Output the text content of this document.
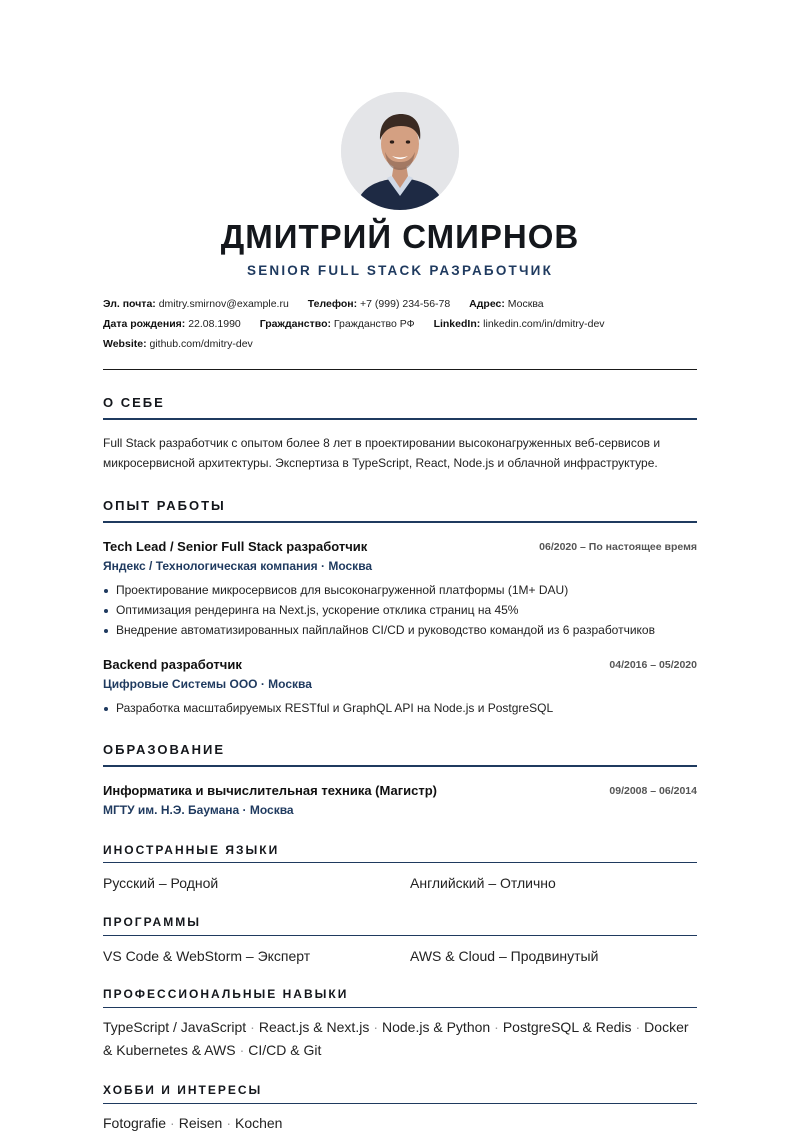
ДМИТРИЙ СМИРНОВ
SENIOR FULL STACK РАЗРАБОТЧИК
Эл. почта: dmitry.smirnov@example.ru Телефон: +7 (999) 234-56-78 Адрес: Москва
Дата рождения: 22.08.1990 Гражданство: Гражданство РФ LinkedIn: linkedin.com/in/dmitry-dev
Website: github.com/dmitry-dev
О СЕБЕ
Full Stack разработчик с опытом более 8 лет в проектировании высоконагруженных веб-сервисов и микросервисной архитектуры. Экспертиза в TypeScript, React, Node.js и облачной инфраструктуре.
ОПЫТ РАБОТЫ
Tech Lead / Senior Full Stack разработчик	06/2020 – По настоящее время
Яндекс / Технологическая компания · Москва
Проектирование микросервисов для высоконагруженной платформы (1M+ DAU)
Оптимизация рендеринга на Next.js, ускорение отклика страниц на 45%
Внедрение автоматизированных пайплайнов CI/CD и руководство командой из 6 разработчиков
Backend разработчик	04/2016 – 05/2020
Цифровые Системы ООО · Москва
Разработка масштабируемых RESTful и GraphQL API на Node.js и PostgreSQL
ОБРАЗОВАНИЕ
Информатика и вычислительная техника (Магистр)	09/2008 – 06/2014
МГТУ им. Н.Э. Баумана · Москва
ИНОСТРАННЫЕ ЯЗЫКИ
Русский – Родной	Английский – Отлично
ПРОГРАММЫ
VS Code & WebStorm – Эксперт	AWS & Cloud – Продвинутый
ПРОФЕССИОНАЛЬНЫЕ НАВЫКИ
TypeScript / JavaScript · React.js & Next.js · Node.js & Python · PostgreSQL & Redis · Docker & Kubernetes & AWS · CI/CD & Git
ХОББИ И ИНТЕРЕСЫ
Fotografie · Reisen · Kochen
